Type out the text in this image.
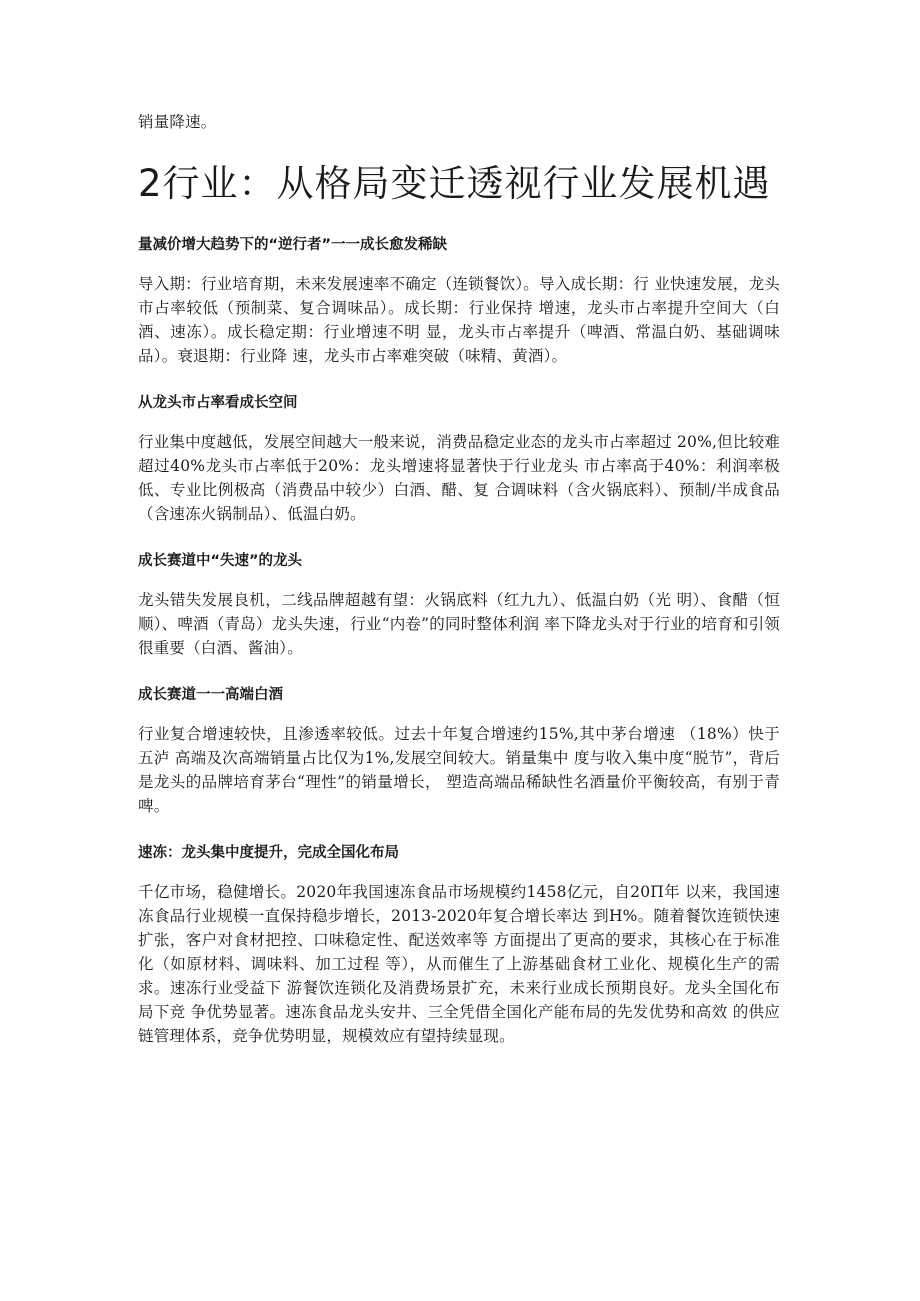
销量降速。

2行业：从格局变迁透视行业发展机遇
量减价增大趋势下的“逆行者”一一成长愈发稀缺

导入期：行业培育期，未来发展速率不确定（连锁餐饮）。导入成长期：行 业快速发展，龙头市占率较低（预制菜、复合调味品）。成长期：行业保持 增速，龙头市占率提升空间大（白酒、速冻）。成长稳定期：行业增速不明 显，龙头市占率提升（啤酒、常温白奶、基础调味品）。衰退期：行业降 速，龙头市占率难突破（味精、黄酒）。

从龙头市占率看成长空间

行业集中度越低，发展空间越大一般来说，消费品稳定业态的龙头市占率超过 20%,但比较难超过40%龙头市占率低于20%：龙头增速将显著快于行业龙头 市占率高于40%：利润率极低、专业比例极高（消费品中较少）白酒、醋、复 合调味料（含火锅底料）、预制/半成食品（含速冻火锅制品）、低温白奶。

成长赛道中“失速”的龙头

龙头错失发展良机，二线品牌超越有望：火锅底料（红九九）、低温白奶（光 明）、食醋（恒顺）、啤酒（青岛）龙头失速，行业“内卷”的同时整体利润 率下降龙头对于行业的培育和引领很重要（白酒、酱油）。

成长赛道一一高端白酒

行业复合增速较快，且渗透率较低。过去十年复合增速约15%,其中茅台增速 （18%）快于五泸 高端及次高端销量占比仅为1%,发展空间较大。销量集中 度与收入集中度“脱节”，背后是龙头的品牌培育茅台“理性”的销量增长， 塑造高端品稀缺性名酒量价平衡较高，有别于青啤。

速冻：龙头集中度提升，完成全国化布局

千亿市场，稳健增长。2020年我国速冻食品市场规模约1458亿元，自20Π年 以来，我国速 冻食品行业规模一直保持稳步增长，2013-2020年复合增长率达 到H%。随着餐饮连锁快速 扩张，客户对食材把控、口味稳定性、配送效率等 方面提出了更高的要求，其核心在于标准 化（如原材料、调味料、加工过程 等），从而催生了上游基础食材工业化、规模化生产的需 求。速冻行业受益下 游餐饮连锁化及消费场景扩充，未来行业成长预期良好。龙头全国化布局下竞 争优势显著。速冻食品龙头安井、三全凭借全国化产能布局的先发优势和高效 的供应链管理体系，竞争优势明显，规模效应有望持续显现。
